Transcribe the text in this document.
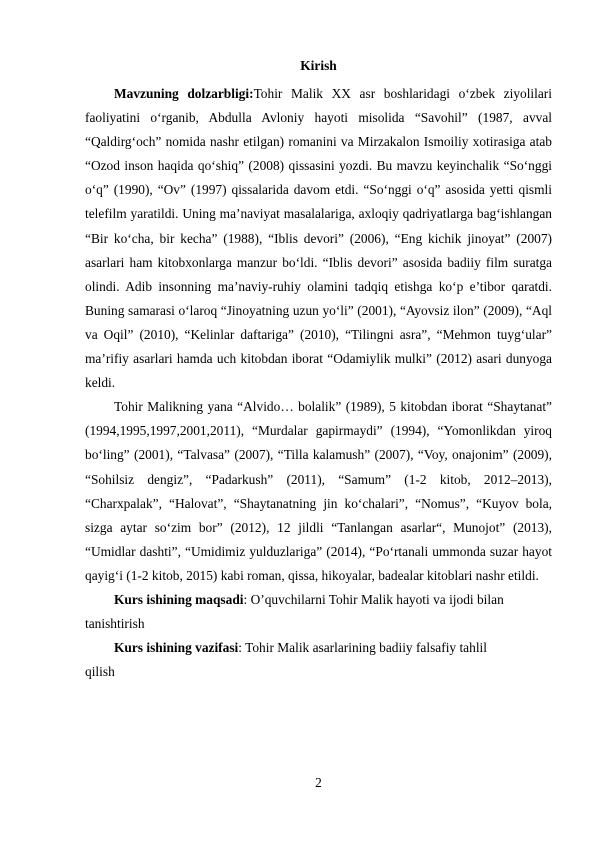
Kirish

Mavzuning dolzarbligi:Tohir Malik XX asr boshlaridagi o‘zbek ziyolilari faoliyatini o‘rganib, Abdulla Avloniy hayoti misolida “Savohil” (1987, avval “Qaldirg‘och” nomida nashr etilgan) romanini va Mirzakalon Ismoiliy xotirasiga atab “Ozod inson haqida qo‘shiq” (2008) qissasini yozdi. Bu mavzu keyinchalik “So‘nggi o‘q” (1990), “Ov” (1997) qissalarida davom etdi. “So‘nggi o‘q” asosida yetti qismli telefilm yaratildi. Uning ma’naviyat masalalariga, axloqiy qadriyatlarga bag‘ishlangan “Bir ko‘cha, bir kecha” (1988), “Iblis devori” (2006), “Eng kichik jinoyat” (2007) asarlari ham kitobxonlarga manzur bo‘ldi. “Iblis devori” asosida badiiy film suratga olindi. Adib insonning ma’naviy-ruhiy olamini tadqiq etishga ko‘p e’tibor qaratdi. Buning samarasi o‘laroq “Jinoyatning uzun yo‘li” (2001), “Ayovsiz ilon” (2009), “Aql va Oqil” (2010), “Kelinlar daftariga” (2010), “Tilingni asra”, “Mehmon tuyg‘ular” ma’rifiy asarlari hamda uch kitobdan iborat “Odamiylik mulki” (2012) asari dunyoga keldi.

Tohir Malikning yana “Alvido… bolalik” (1989), 5 kitobdan iborat “Shaytanat” (1994,1995,1997,2001,2011), “Murdalar gapirmaydi” (1994), “Yomonlikdan yiroq bo‘ling” (2001), “Talvasa” (2007), “Tilla kalamush” (2007), “Voy, onajonim” (2009), “Sohilsiz dengiz”, “Padarkush” (2011), “Samum” (1-2 kitob, 2012–2013), “Charxpalak”, “Halovat”, “Shaytanatning jin ko‘chalari”, “Nomus”, “Kuyov bola, sizga aytar so‘zim bor” (2012), 12 jildli “Tanlangan asarlar“, Munojot” (2013), “Umidlar dashti”, “Umidimiz yulduzlariga” (2014), “Po‘rtanali ummonda suzar hayot qayig‘i (1-2 kitob, 2015) kabi roman, qissa, hikoyalar, badealar kitoblari nashr etildi.

Kurs ishining maqsadi: O’quvchilarni Tohir Malik hayoti va ijodi bilan tanishtirish

Kurs ishining vazifasi: Tohir Malik asarlarining badiiy falsafiy tahlil qilish

2
